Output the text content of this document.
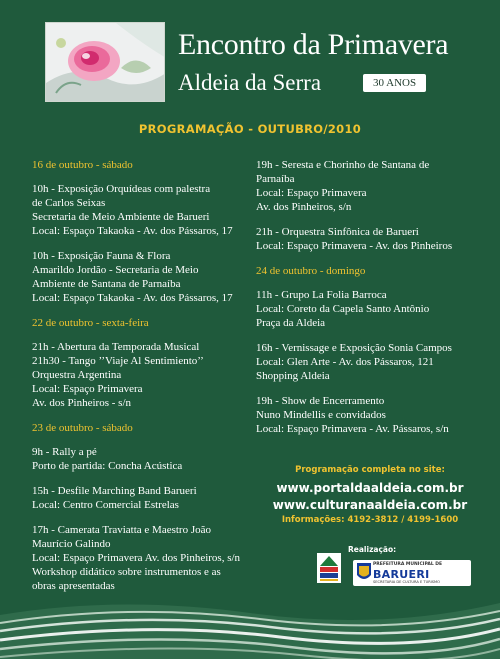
Encontro da Primavera
Aldeia da Serra	30 ANOS
PROGRAMAÇÃO - OUTUBRO/2010
16 de outubro - sábado
10h - Exposição Orquídeas com palestra
de Carlos Seixas
Secretaria de Meio Ambiente de Barueri
Local: Espaço Takaoka - Av. dos Pássaros, 17
10h - Exposição Fauna & Flora
Amarildo Jordão - Secretaria de Meio
Ambiente de Santana de Parnaíba
Local: Espaço Takaoka - Av. dos Pássaros, 17
22 de outubro - sexta-feira
21h - Abertura da Temporada Musical
21h30 - Tango ’’Viaje Al Sentimiento’’
Orquestra Argentina
Local: Espaço Primavera
Av. dos Pinheiros - s/n
23 de outubro - sábado
9h - Rally a pé
Porto de partida: Concha Acústica
15h - Desfile Marching Band Barueri
Local: Centro Comercial Estrelas
17h - Camerata Traviatta e Maestro João
Maurício Galindo
Local: Espaço Primavera Av. dos Pinheiros, s/n
Workshop didático sobre instrumentos e as
obras apresentadas
19h - Seresta e Chorinho de Santana de
Parnaíba
Local: Espaço Primavera
Av. dos Pinheiros, s/n
21h - Orquestra Sinfônica de Barueri
Local: Espaço Primavera - Av. dos Pinheiros
24 de outubro - domingo
11h - Grupo La Folia Barroca
Local: Coreto da Capela Santo Antônio
Praça da Aldeia
16h - Vernissage e Exposição Sonia Campos
Local: Glen Arte - Av. dos Pássaros, 121
Shopping Aldeia
19h - Show de Encerramento
Nuno Mindellis e convidados
Local: Espaço Primavera - Av. Pássaros, s/n
Programação completa no site:
www.portaldaaldeia.com.br
www.culturanaaldeia.com.br
Informações: 4192-3812 / 4199-1600
Realização:
PREFEITURA MUNICIPAL DE
BARUERI
SECRETARIA DE CULTURA E TURISMO
